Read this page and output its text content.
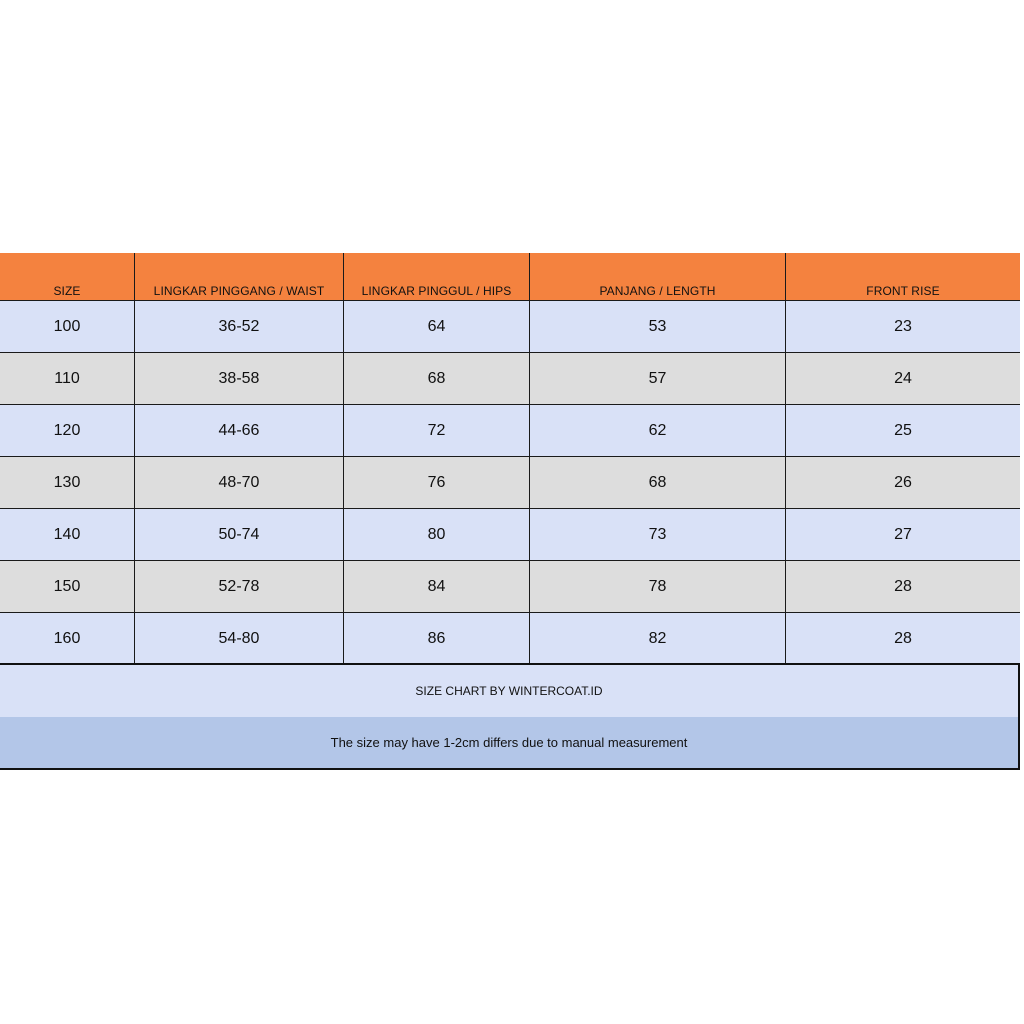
SIZE	LINGKAR PINGGANG / WAIST	LINGKAR PINGGUL / HIPS	PANJANG / LENGTH	FRONT RISE
100	36-52	64	53	23
110	38-58	68	57	24
120	44-66	72	62	25
130	48-70	76	68	26
140	50-74	80	73	27
150	52-78	84	78	28
160	54-80	86	82	28
SIZE CHART BY WINTERCOAT.ID
The size may have 1-2cm differs due to manual measurement
